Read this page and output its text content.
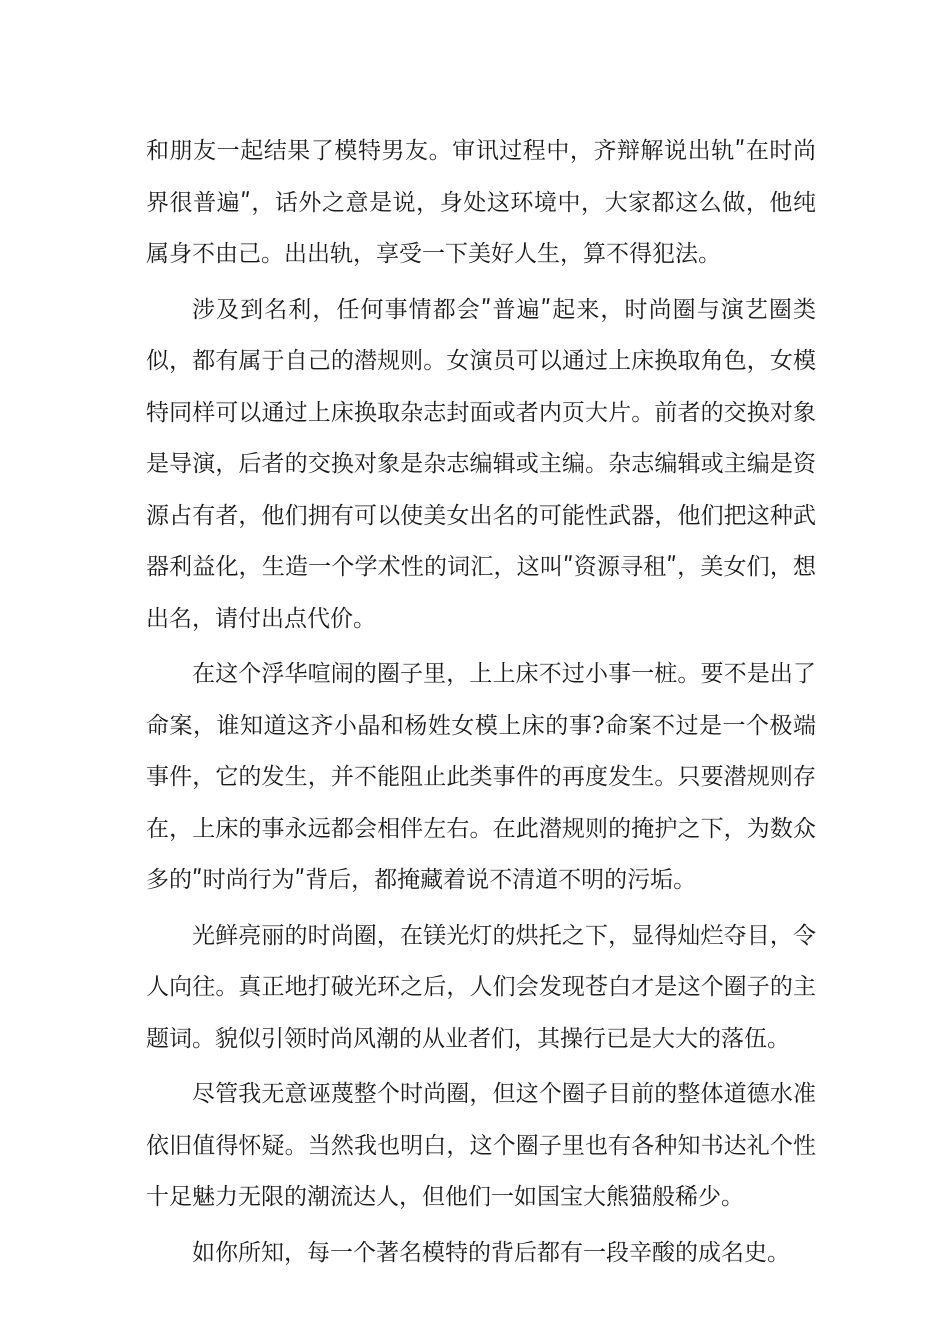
和朋友一起结果了模特男友。审讯过程中，齐辩解说出轨ʺ在时尚界很普遍ʺ，话外之意是说，身处这环境中，大家都这么做，他纯属身不由己。出出轨，享受一下美好人生，算不得犯法。

涉及到名利，任何事情都会ʺ普遍ʺ起来，时尚圈与演艺圈类似，都有属于自己的潜规则。女演员可以通过上床换取角色，女模特同样可以通过上床换取杂志封面或者内页大片。前者的交换对象是导演，后者的交换对象是杂志编辑或主编。杂志编辑或主编是资源占有者，他们拥有可以使美女出名的可能性武器，他们把这种武器利益化，生造一个学术性的词汇，这叫ʺ资源寻租ʺ，美女们，想出名，请付出点代价。

在这个浮华喧闹的圈子里，上上床不过小事一桩。要不是出了命案，谁知道这齐小晶和杨姓女模上床的事?命案不过是一个极端事件，它的发生，并不能阻止此类事件的再度发生。只要潜规则存在，上床的事永远都会相伴左右。在此潜规则的掩护之下，为数众多的ʺ时尚行为ʺ背后，都掩藏着说不清道不明的污垢。

光鲜亮丽的时尚圈，在镁光灯的烘托之下，显得灿烂夺目，令人向往。真正地打破光环之后，人们会发现苍白才是这个圈子的主题词。貌似引领时尚风潮的从业者们，其操行已是大大的落伍。

尽管我无意诬蔑整个时尚圈，但这个圈子目前的整体道德水准依旧值得怀疑。当然我也明白，这个圈子里也有各种知书达礼个性十足魅力无限的潮流达人，但他们一如国宝大熊猫般稀少。

如你所知，每一个著名模特的背后都有一段辛酸的成名史。
